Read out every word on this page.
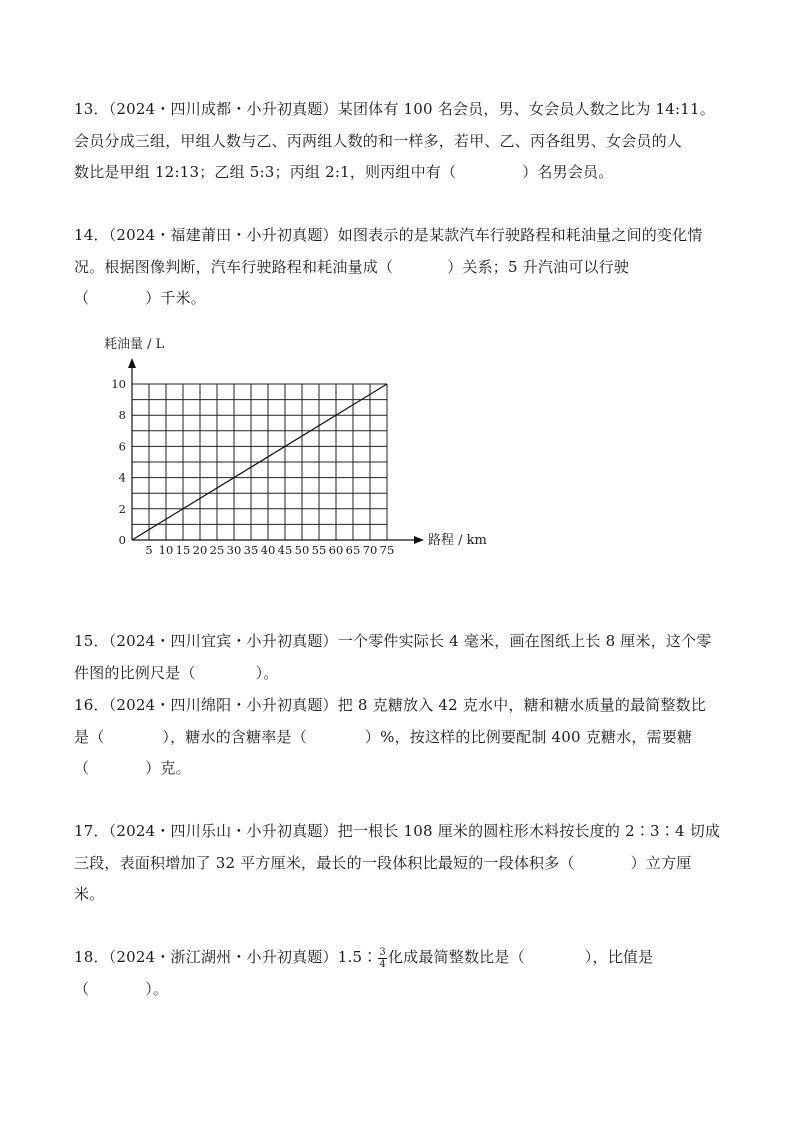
13．（2024・四川成都・小升初真题）某团体有 100 名会员，男、女会员人数之比为 14:11。
会员分成三组，甲组人数与乙、丙两组人数的和一样多，若甲、乙、丙各组男、女会员的人
数比是甲组 12:13；乙组 5:3；丙组 2:1，则丙组中有（	）名男会员。
14．（2024・福建莆田・小升初真题）如图表示的是某款汽车行驶路程和耗油量之间的变化情
况。根据图像判断，汽车行驶路程和耗油量成（	）关系；5 升汽油可以行驶
（	）千米。
5 10 15 20 25 30 35 40 45 50 55 60 65 70 75
0
2
4
6
8
10
耗油量 / L
路程 / km
15．（2024・四川宜宾・小升初真题）一个零件实际长 4 毫米，画在图纸上长 8 厘米，这个零
件图的比例尺是（	）。
16．（2024・四川绵阳・小升初真题）把 8 克糖放入 42 克水中，糖和糖水质量的最简整数比
是（	），糖水的含糖率是（	）%，按这样的比例要配制 400 克糖水，需要糖
（	）克。
17．（2024・四川乐山・小升初真题）把一根长 108 厘米的圆柱形木料按长度的 2∶3∶4 切成
三段，表面积增加了 32 平方厘米，最长的一段体积比最短的一段体积多（	）立方厘
米。
18．（2024・浙江湖州・小升初真题）1.5∶ $\frac{3}{4}$ 化成最简整数比是（	），比值是
（	）。
